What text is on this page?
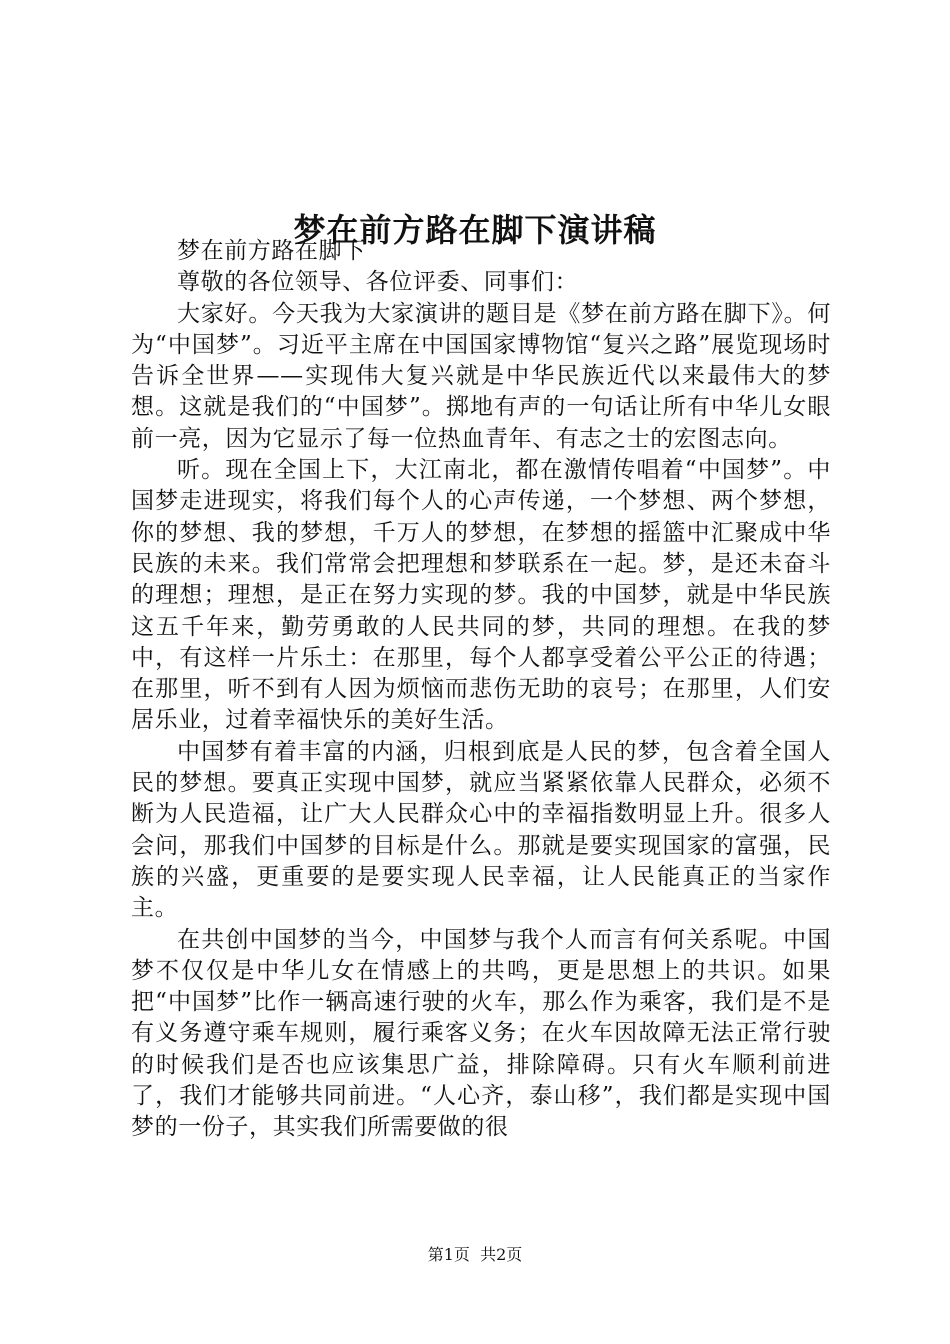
梦在前方路在脚下演讲稿

梦在前方路在脚下

尊敬的各位领导、各位评委、同事们：

大家好。今天我为大家演讲的题目是《梦在前方路在脚下》。何为“中国梦”。习近平主席在中国国家博物馆“复兴之路”展览现场时告诉全世界——实现伟大复兴就是中华民族近代以来最伟大的梦想。这就是我们的“中国梦”。掷地有声的一句话让所有中华儿女眼前一亮，因为它显示了每一位热血青年、有志之士的宏图志向。

听。现在全国上下，大江南北，都在激情传唱着“中国梦”。中国梦走进现实，将我们每个人的心声传递，一个梦想、两个梦想，你的梦想、我的梦想，千万人的梦想，在梦想的摇篮中汇聚成中华民族的未来。我们常常会把理想和梦联系在一起。梦，是还未奋斗的理想；理想，是正在努力实现的梦。我的中国梦，就是中华民族这五千年来，勤劳勇敢的人民共同的梦，共同的理想。在我的梦中，有这样一片乐土：在那里，每个人都享受着公平公正的待遇；在那里，听不到有人因为烦恼而悲伤无助的哀号；在那里，人们安居乐业，过着幸福快乐的美好生活。

中国梦有着丰富的内涵，归根到底是人民的梦，包含着全国人民的梦想。要真正实现中国梦，就应当紧紧依靠人民群众，必须不断为人民造福，让广大人民群众心中的幸福指数明显上升。很多人会问，那我们中国梦的目标是什么。那就是要实现国家的富强，民族的兴盛，更重要的是要实现人民幸福，让人民能真正的当家作主。

在共创中国梦的当今，中国梦与我个人而言有何关系呢。中国梦不仅仅是中华儿女在情感上的共鸣，更是思想上的共识。如果把“中国梦”比作一辆高速行驶的火车，那么作为乘客，我们是不是有义务遵守乘车规则，履行乘客义务；在火车因故障无法正常行驶的时候我们是否也应该集思广益，排除障碍。只有火车顺利前进了，我们才能够共同前进。“人心齐，泰山移”，我们都是实现中国梦的一份子，其实我们所需要做的很

第1页 共2页
